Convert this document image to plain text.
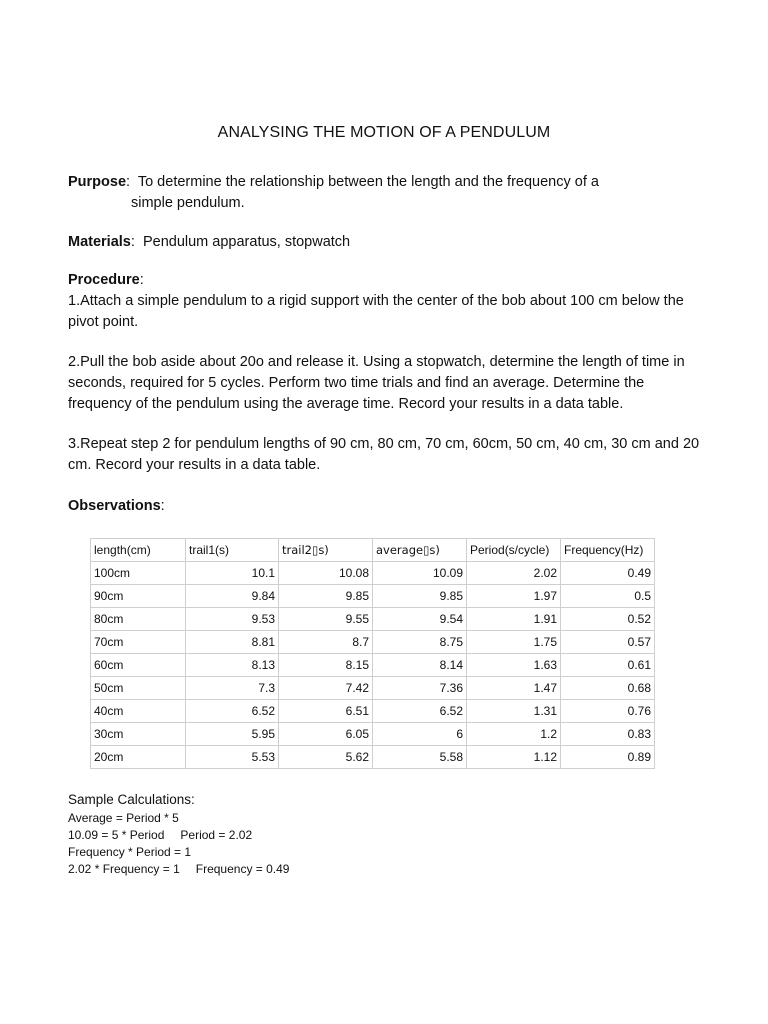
ANALYSING THE MOTION OF A PENDULUM
Purpose:  To determine the relationship between the length and the frequency of a
simple pendulum.
Materials:  Pendulum apparatus, stopwatch
Procedure:
1.Attach a simple pendulum to a rigid support with the center of the bob about 100 cm below the pivot point.
2.Pull the bob aside about 20o and release it. Using a stopwatch, determine the length of time in seconds, required for 5 cycles. Perform two time trials and find an average. Determine the frequency of the pendulum using the average time. Record your results in a data table.
3.Repeat step 2 for pendulum lengths of 90 cm, 80 cm, 70 cm, 60cm, 50 cm, 40 cm, 30 cm and 20 cm. Record your results in a data table.
Observations:
length(cm)	trail1(s)	trail2▯s)	average▯s)	Period(s/cycle)	Frequency(Hz)
100cm	10.1	10.08	10.09	2.02	0.49
90cm	9.84	9.85	9.85	1.97	0.5
80cm	9.53	9.55	9.54	1.91	0.52
70cm	8.81	8.7	8.75	1.75	0.57
60cm	8.13	8.15	8.14	1.63	0.61
50cm	7.3	7.42	7.36	1.47	0.68
40cm	6.52	6.51	6.52	1.31	0.76
30cm	5.95	6.05	6	1.2	0.83
20cm	5.53	5.62	5.58	1.12	0.89
Sample Calculations:
Average = Period * 5
10.09 = 5 * Period Period = 2.02
Frequency * Period = 1
2.02 * Frequency = 1 Frequency = 0.49
